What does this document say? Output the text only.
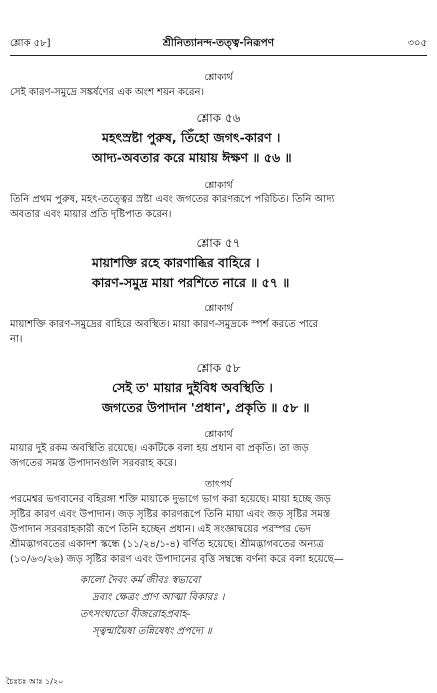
শ্লোক ৫৮]	শ্রীনিত্যানন্দ-তত্ত্ব-নিরূপণ	৩০৫
শ্লোকার্থ
সেই কারণ-সমুদ্রে সঙ্কর্ষণের এক অংশ শয়ন করেন।
শ্লোক ৫৬
মহৎস্রষ্টা পুরুষ, তিঁহো জগৎ-কারণ ।
আদ্য-অবতার করে মায়ায় ঈক্ষণ ॥ ৫৬ ॥
শ্লোকার্থ
তিনি প্রথম পুরুষ, মহৎ-তত্ত্বের স্রষ্টা এবং জগতের কারণরূপে পরিচিত। তিনি আদ্য
অবতার এবং মায়ার প্রতি দৃষ্টিপাত করেন।
শ্লোক ৫৭
মায়াশক্তি রহে কারণাব্ধির বাহিরে ।
কারণ-সমুদ্র মায়া পরশিতে নারে ॥ ৫৭ ॥
শ্লোকার্থ
মায়াশক্তি কারণ-সমুদ্রের বাহিরে অবস্থিত। মায়া কারণ-সমুদ্রকে স্পর্শ করতে পারে
না।
শ্লোক ৫৮
সেই ত' মায়ার দুইবিধ অবস্থিতি ।
জগতের উপাদান 'প্রধান', প্রকৃতি ॥ ৫৮ ॥
শ্লোকার্থ
মায়ার দুই রকম অবস্থিতি রয়েছে। একটিকে বলা হয় প্রধান বা প্রকৃতি। তা জড়
জগতের সমস্ত উপাদানগুলি সরবরাহ করে।
তাৎপর্য
পরমেশ্বর ভগবানের বহিরঙ্গা শক্তি মায়াকে দুভাগে ভাগ করা হয়েছে। মায়া হচ্ছে জড়
সৃষ্টির কারণ এবং উপাদান। জড় সৃষ্টির কারণরূপে তিনি মায়া এবং জড় সৃষ্টির সমস্ত
উপাদান সরবরাহকারী রূপে তিনি হচ্ছেন প্রধান। এই সংজ্ঞাদ্বয়ের পরস্পর ভেদ
শ্রীমদ্ভাগবতের একাদশ স্কন্ধে (১১/২৪/১-৪) বর্ণিত হয়েছে। শ্রীমদ্ভাগবতের অন্যত্র
(১০/৬৩/২৬) জড় সৃষ্টির কারণ এবং উপাদানের বৃত্তি সম্বন্ধে বর্ণনা করে বলা হয়েছে—
কালো দৈবং কর্ম জীবঃ স্বভাবো
দ্রব্যং ক্ষেত্রং প্রাণ আত্মা বিকারঃ ।
তৎসংঘাতো বীজরোহপ্রবাহ-
স্ত্বন্মায়ৈষা তন্নিষেধং প্রপদ্যে ॥
চৈঃচঃ আঃ ১/২০
